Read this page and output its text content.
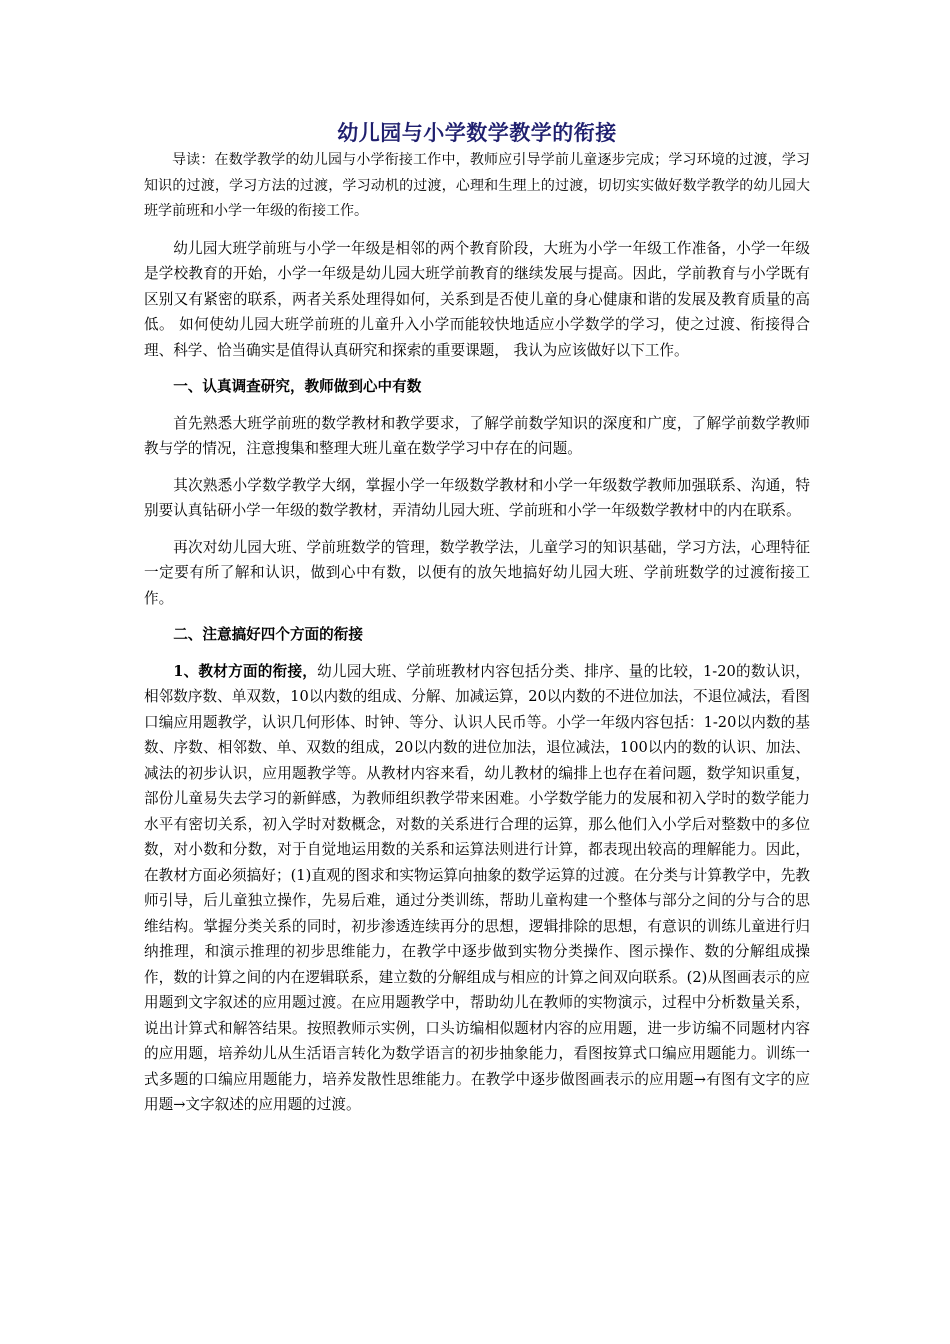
幼儿园与小学数学教学的衔接

导读：在数学教学的幼儿园与小学衔接工作中，教师应引导学前儿童逐步完成；学习环境的过渡，学习知识的过渡，学习方法的过渡，学习动机的过渡，心理和生理上的过渡，切切实实做好数学教学的幼儿园大班学前班和小学一年级的衔接工作。

幼儿园大班学前班与小学一年级是相邻的两个教育阶段，大班为小学一年级工作准备，小学一年级是学校教育的开始，小学一年级是幼儿园大班学前教育的继续发展与提高。因此，学前教育与小学既有区别又有紧密的联系，两者关系处理得如何，关系到是否使儿童的身心健康和谐的发展及教育质量的高低。 如何使幼儿园大班学前班的儿童升入小学而能较快地适应小学数学的学习，使之过渡、衔接得合理、科学、恰当确实是值得认真研究和探索的重要课题， 我认为应该做好以下工作。

一、认真调查研究，教师做到心中有数

首先熟悉大班学前班的数学教材和教学要求，了解学前数学知识的深度和广度，了解学前数学教师教与学的情况，注意搜集和整理大班儿童在数学学习中存在的问题。

其次熟悉小学数学教学大纲，掌握小学一年级数学教材和小学一年级数学教师加强联系、沟通，特别要认真钻研小学一年级的数学教材，弄清幼儿园大班、学前班和小学一年级数学教材中的内在联系。

再次对幼儿园大班、学前班数学的管理，数学教学法，儿童学习的知识基础，学习方法，心理特征一定要有所了解和认识，做到心中有数，以便有的放矢地搞好幼儿园大班、学前班数学的过渡衔接工作。

二、注意搞好四个方面的衔接

1、教材方面的衔接，幼儿园大班、学前班教材内容包括分类、排序、量的比较，1-20的数认识，相邻数序数、单双数，10以内数的组成、分解、加减运算，20以内数的不进位加法，不退位减法，看图口编应用题教学，认识几何形体、时钟、等分、认识人民币等。小学一年级内容包括：1-20以内数的基数、序数、相邻数、单、双数的组成，20以内数的进位加法，退位减法，100以内的数的认识、加法、减法的初步认识，应用题教学等。从教材内容来看，幼儿教材的编排上也存在着问题，数学知识重复，部份儿童易失去学习的新鲜感，为教师组织教学带来困难。小学数学能力的发展和初入学时的数学能力水平有密切关系，初入学时对数概念，对数的关系进行合理的运算，那么他们入小学后对整数中的多位数，对小数和分数，对于自觉地运用数的关系和运算法则进行计算，都表现出较高的理解能力。因此，在教材方面必须搞好；(1)直观的图求和实物运算向抽象的数学运算的过渡。在分类与计算教学中，先教师引导，后儿童独立操作，先易后难，通过分类训练，帮助儿童构建一个整体与部分之间的分与合的思维结构。掌握分类关系的同时，初步渗透连续再分的思想，逻辑排除的思想，有意识的训练儿童进行归纳推理，和演示推理的初步思维能力，在教学中逐步做到实物分类操作、图示操作、数的分解组成操作，数的计算之间的内在逻辑联系，建立数的分解组成与相应的计算之间双向联系。(2)从图画表示的应用题到文字叙述的应用题过渡。在应用题教学中，帮助幼儿在教师的实物演示，过程中分析数量关系，说出计算式和解答结果。按照教师示实例，口头访编相似题材内容的应用题，进一步访编不同题材内容的应用题，培养幼儿从生活语言转化为数学语言的初步抽象能力，看图按算式口编应用题能力。训练一式多题的口编应用题能力，培养发散性思维能力。在教学中逐步做图画表示的应用题→有图有文字的应用题→文字叙述的应用题的过渡。
